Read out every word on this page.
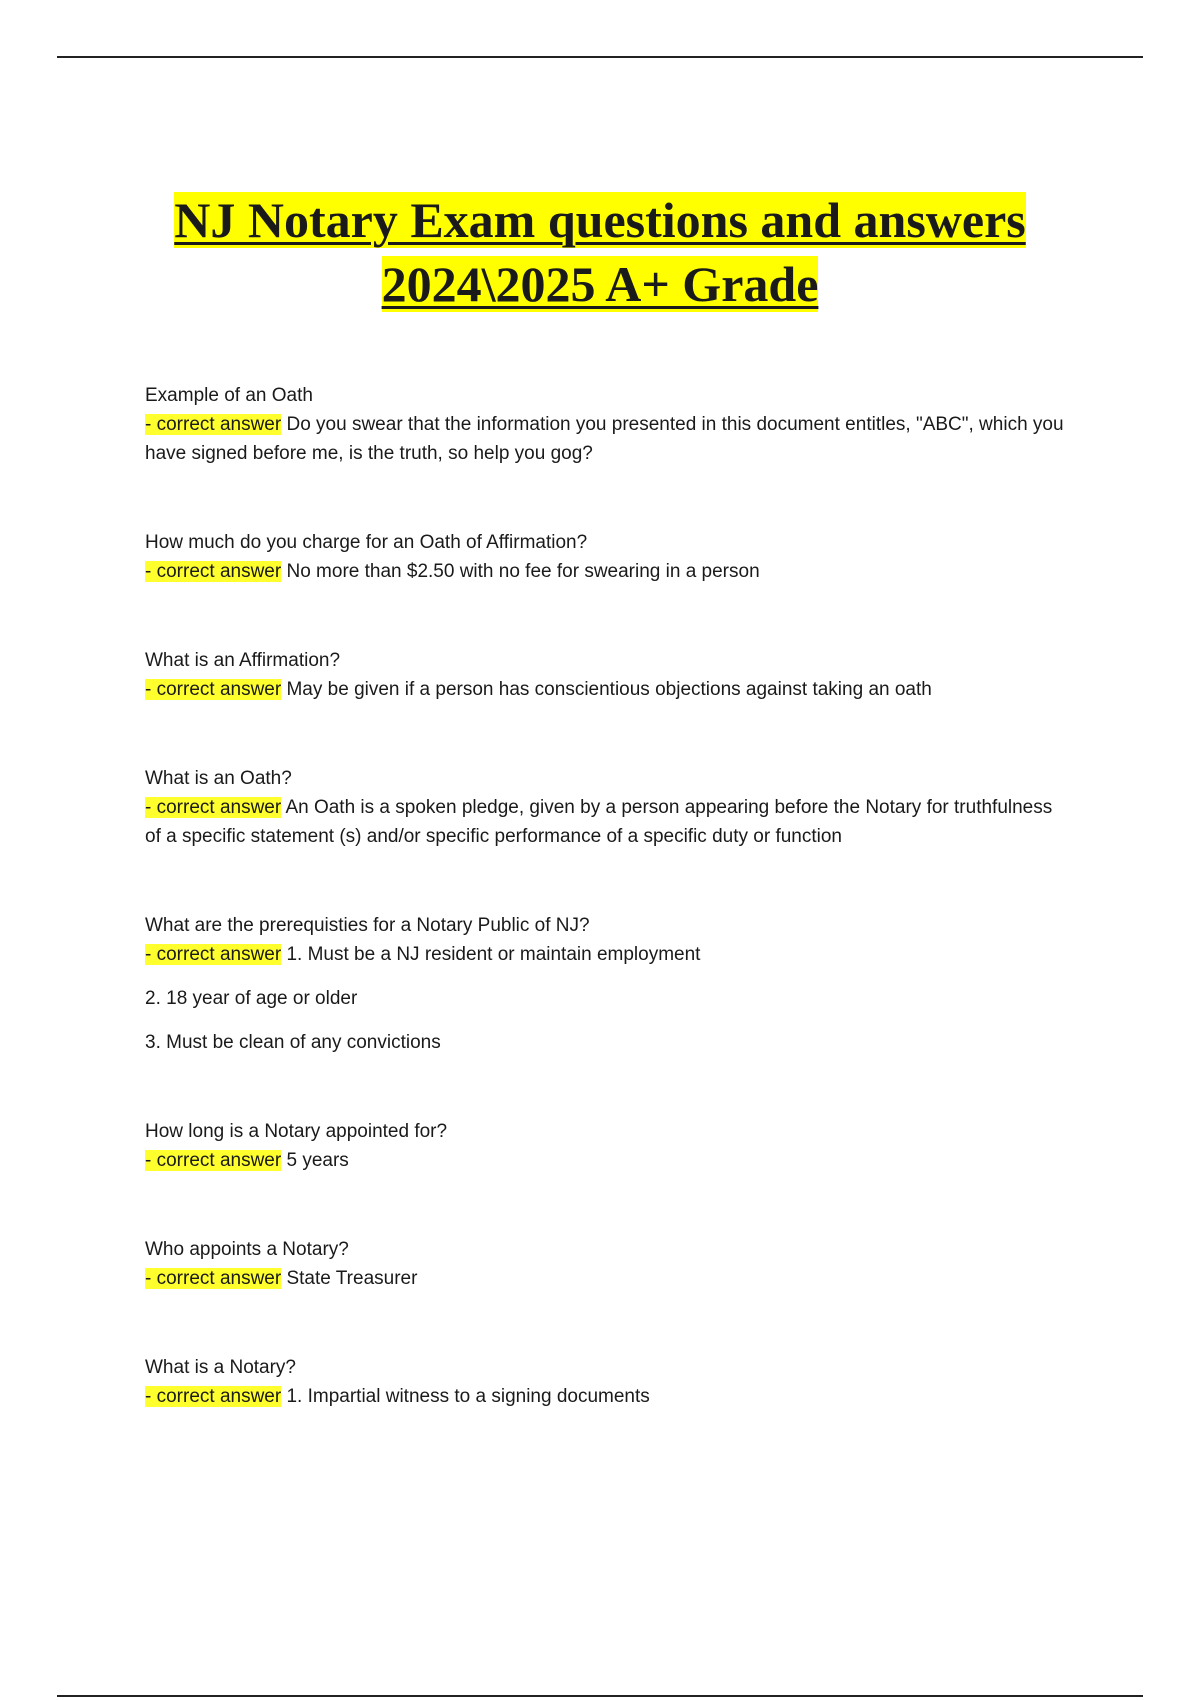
NJ Notary Exam questions and answers
2024\2025 A+ Grade

Example of an Oath

- correct answer Do you swear that the information you presented in this document entitles, "ABC", which you have signed before me, is the truth, so help you gog?

How much do you charge for an Oath of Affirmation?

- correct answer No more than $2.50 with no fee for swearing in a person

What is an Affirmation?

- correct answer May be given if a person has conscientious objections against taking an oath

What is an Oath?

- correct answer An Oath is a spoken pledge, given by a person appearing before the Notary for truthfulness of a specific statement (s) and/or specific performance of a specific duty or function

What are the prerequisties for a Notary Public of NJ?

- correct answer 1. Must be a NJ resident or maintain employment

2. 18 year of age or older

3. Must be clean of any convictions

How long is a Notary appointed for?

- correct answer 5 years

Who appoints a Notary?

- correct answer State Treasurer

What is a Notary?

- correct answer 1. Impartial witness to a signing documents
